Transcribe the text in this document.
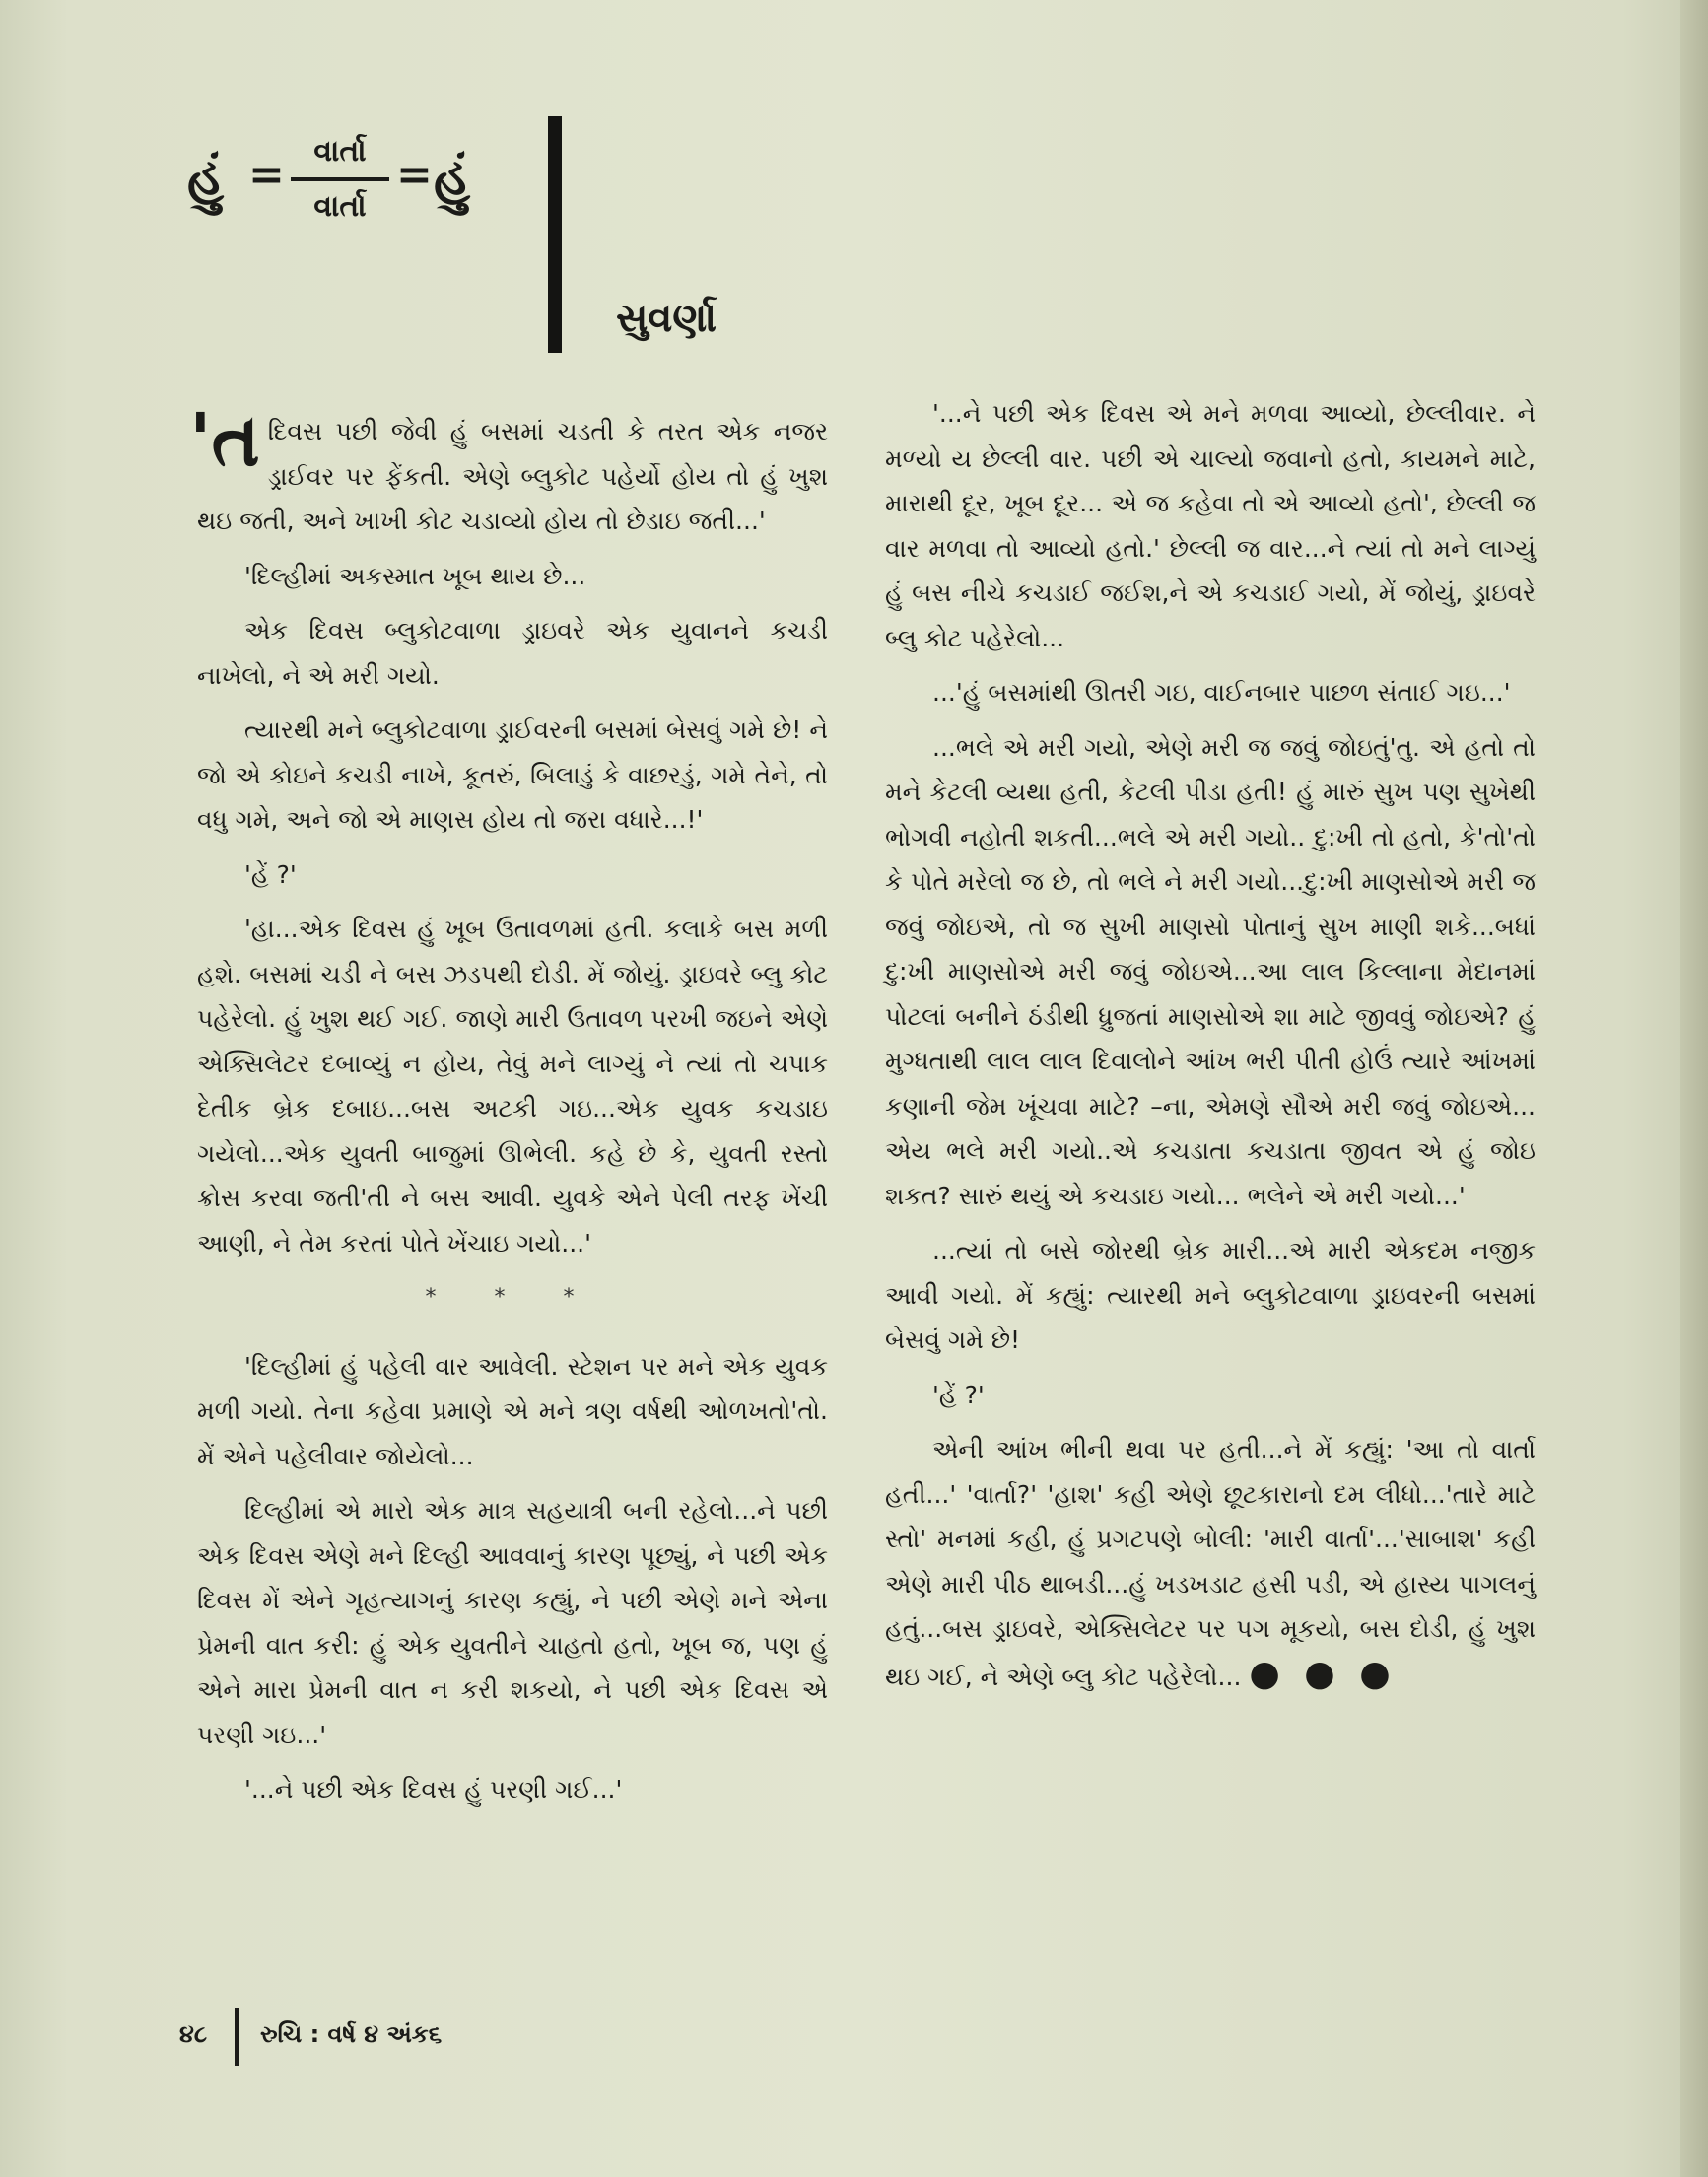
હું = વાર્તા
વાર્તા
= હું
સુવર્ણા

'તદિવસ પછી જેવી હું બસમાં ચડતી કે તરત એક નજર ડ્રાઈવર પર ફેંકતી. એણે બ્લુકોટ પહેર્યો હોય તો હું ખુશ થઇ જતી, અને ખાખી કોટ ચડાવ્યો હોય તો છેડાઇ જતી...'

'દિલ્હીમાં અકસ્માત ખૂબ થાય છે...

એક દિવસ બ્લુકોટવાળા ડ્રાઇવરે એક યુવાનને કચડી નાખેલો, ને એ મરી ગયો.

ત્યારથી મને બ્લુકોટવાળા ડ્રાઈવરની બસમાં બેસવું ગમે છે! ને જો એ કોઇને કચડી નાખે, કૂતરું, બિલાડું કે વાછરડું, ગમે તેને, તો વધુ ગમે, અને જો એ માણસ હોય તો જરા વધારે...!'

'હેં ?'

'હા...એક દિવસ હું ખૂબ ઉતાવળમાં હતી. કલાકે બસ મળી હશે. બસમાં ચડી ને બસ ઝડપથી દોડી. મેં જોયું. ડ્રાઇવરે બ્લુ કોટ પહેરેલો. હું ખુશ થઈ ગઈ. જાણે મારી ઉતાવળ પરખી જઇને એણે એક્સિલેટર દબાવ્યું ન હોય, તેવું મને લાગ્યું ને ત્યાં તો ચપાક દેતીક બ્રેક દબાઇ...બસ અટકી ગઇ...એક યુવક કચડાઇ ગયેલો...એક યુવતી બાજુમાં ઊભેલી. કહે છે કે, યુવતી રસ્તો ક્રોસ કરવા જતી'તી ને બસ આવી. યુવકે એને પેલી તરફ ખેંચી આણી, ને તેમ કરતાં પોતે ખેંચાઇ ગયો...'

* * *

'દિલ્હીમાં હું પહેલી વાર આવેલી. સ્ટેશન પર મને એક યુવક મળી ગયો. તેના કહેવા પ્રમાણે એ મને ત્રણ વર્ષથી ઓળખતો'તો. મેં એને પહેલીવાર જોયેલો...

દિલ્હીમાં એ મારો એક માત્ર સહયાત્રી બની રહેલો...ને પછી એક દિવસ એણે મને દિલ્હી આવવાનું કારણ પૂછ્યું, ને પછી એક દિવસ મેં એને ગૃહત્યાગનું કારણ કહ્યું, ને પછી એણે મને એના પ્રેમની વાત કરી: હું એક યુવતીને ચાહતો હતો, ખૂબ જ, પણ હું એને મારા પ્રેમની વાત ન કરી શકયો, ને પછી એક દિવસ એ પરણી ગઇ...'

'...ને પછી એક દિવસ હું પરણી ગઈ...'

'...ને પછી એક દિવસ એ મને મળવા આવ્યો, છેલ્લીવાર. ને મળ્યો ય છેલ્લી વાર. પછી એ ચાલ્યો જવાનો હતો, કાયમને માટે, મારાથી દૂર, ખૂબ દૂર... એ જ કહેવા તો એ આવ્યો હતો', છેલ્લી જ વાર મળવા તો આવ્યો હતો.' છેલ્લી જ વાર...ને ત્યાં તો મને લાગ્યું હું બસ નીચે કચડાઈ જઈશ,ને એ કચડાઈ ગયો, મેં જોયું, ડ્રાઇવરે બ્લુ કોટ પહેરેલો...

...'હું બસમાંથી ઊતરી ગઇ, વાઈનબાર પાછળ સંતાઈ ગઇ...'

...ભલે એ મરી ગયો, એણે મરી જ જવું જોઇતું'તુ. એ હતો તો મને કેટલી વ્યથા હતી, કેટલી પીડા હતી! હું મારું સુખ પણ સુખેથી ભોગવી નહોતી શકતી...ભલે એ મરી ગયો.. દુ:ખી તો હતો, કે'તો'તો કે પોતે મરેલો જ છે, તો ભલે ને મરી ગયો...દુ:ખી માણસોએ મરી જ જવું જોઇએ, તો જ સુખી માણસો પોતાનું સુખ માણી શકે...બધાં દુ:ખી માણસોએ મરી જવું જોઇએ...આ લાલ કિલ્લાના મેદાનમાં પોટલાં બનીને ઠંડીથી ધ્રુજતાં માણસોએ શા માટે જીવવું જોઇએ? હું મુગ્ધતાથી લાલ લાલ દિવાલોને આંખ ભરી પીતી હોઉં ત્યારે આંખમાં કણાની જેમ ખૂંચવા માટે? –ના, એમણે સૌએ મરી જવું જોઇએ... એય ભલે મરી ગયો..એ કચડાતા કચડાતા જીવત એ હું જોઇ શકત? સારું થયું એ કચડાઇ ગયો... ભલેને એ મરી ગયો...'

...ત્યાં તો બસે જોરથી બ્રેક મારી...એ મારી એકદમ નજીક આવી ગયો. મેં કહ્યું: ત્યારથી મને બ્લુકોટવાળા ડ્રાઇવરની બસમાં બેસવું ગમે છે!

'હેં ?'

એની આંખ ભીની થવા પર હતી...ને મેં કહ્યું: 'આ તો વાર્તા હતી...' 'વાર્તા?' 'હાશ' કહી એણે છૂટકારાનો દમ લીધો...'તારે માટે સ્તો' મનમાં કહી, હું પ્રગટપણે બોલી: 'મારી વાર્તા'...'સાબાશ' કહી એણે મારી પીઠ થાબડી...હું ખડખડાટ હસી પડી, એ હાસ્ય પાગલનું હતું...બસ ડ્રાઇવરે, એક્સિલેટર પર પગ મૂકયો, બસ દોડી, હું ખુશ થઇ ગઈ, ને એણે બ્લુ કોટ પહેરેલો... ● ● ●

૪૮ રુચિ : વર્ષ ૪ અંક૬
